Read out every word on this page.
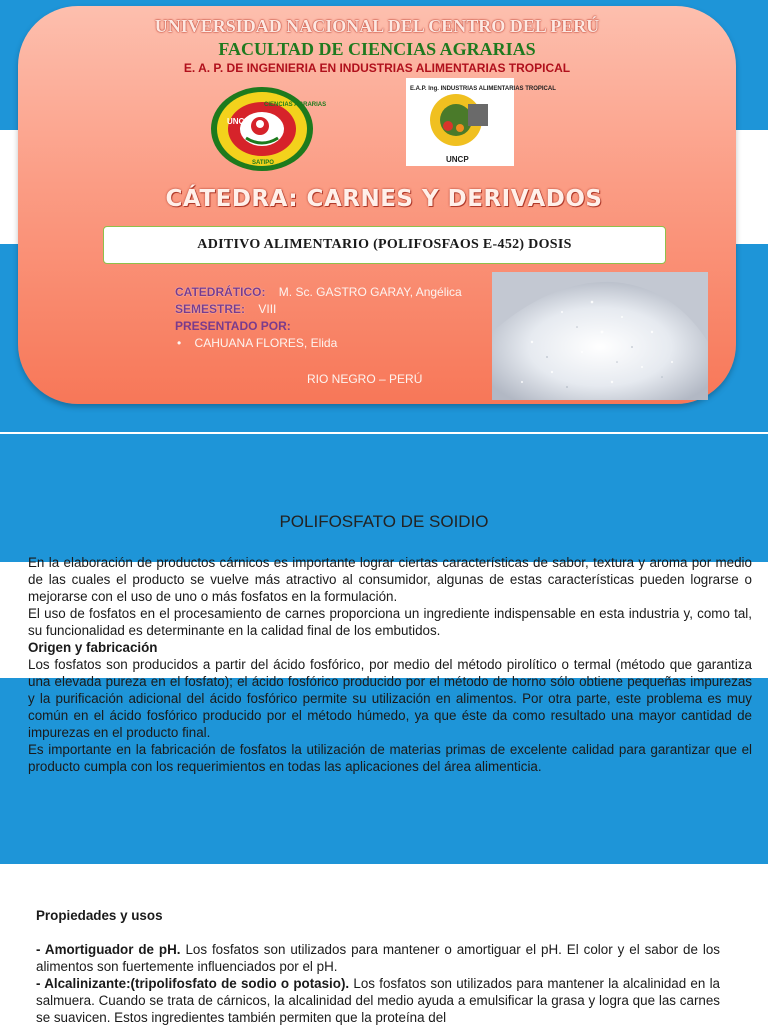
UNIVERSIDAD NACIONAL DEL CENTRO DEL PERÚ
FACULTAD DE CIENCIAS AGRARIAS
E. A. P. DE INGENIERIA EN INDUSTRIAS ALIMENTARIAS TROPICAL
UNCP
CIENCIAS AGRARIAS
SATIPO
E.A.P. Ing. INDUSTRIAS ALIMENTARIAS TROPICAL
UNCP
CÁTEDRA: CARNES Y DERIVADOS
ADITIVO ALIMENTARIO (POLIFOSFAOS E-452) DOSIS
CATEDRÁTICO: M. Sc. GASTRO GARAY, Angélica
SEMESTRE: VIII
PRESENTADO POR:
• CAHUANA FLORES, Elida
RIO NEGRO – PERÚ
POLIFOSFATO DE SOIDIO

En la elaboración de productos cárnicos es importante lograr ciertas características de sabor, textura y aroma por medio de las cuales el producto se vuelve más atractivo al consumidor, algunas de estas características pueden lograrse o mejorarse con el uso de uno o más fosfatos en la formulación.

El uso de fosfatos en el procesamiento de carnes proporciona un ingrediente indispensable en esta industria y, como tal, su funcionalidad es determinante en la calidad final de los embutidos.

Origen y fabricación

Los fosfatos son producidos a partir del ácido fosfórico, por medio del método pirolítico o termal (método que garantiza una elevada pureza en el fosfato); el ácido fosfórico producido por el método de horno sólo obtiene pequeñas impurezas y la purificación adicional del ácido fosfórico permite su utilización en alimentos. Por otra parte, este problema es muy común en el ácido fosfórico producido por el método húmedo, ya que éste da como resultado una mayor cantidad de impurezas en el producto final.

Es importante en la fabricación de fosfatos la utilización de materias primas de excelente calidad para garantizar que el producto cumpla con los requerimientos en todas las aplicaciones del área alimenticia.

Propiedades y usos

- Amortiguador de pH. Los fosfatos son utilizados para mantener o amortiguar el pH. El color y el sabor de los alimentos son fuertemente influenciados por el pH.

- Alcalinizante:(tripolifosfato de sodio o potasio). Los fosfatos son utilizados para mantener la alcalinidad en la salmuera. Cuando se trata de cárnicos, la alcalinidad del medio ayuda a emulsificar la grasa y logra que las carnes se suavicen. Estos ingredientes también permiten que la proteína del
